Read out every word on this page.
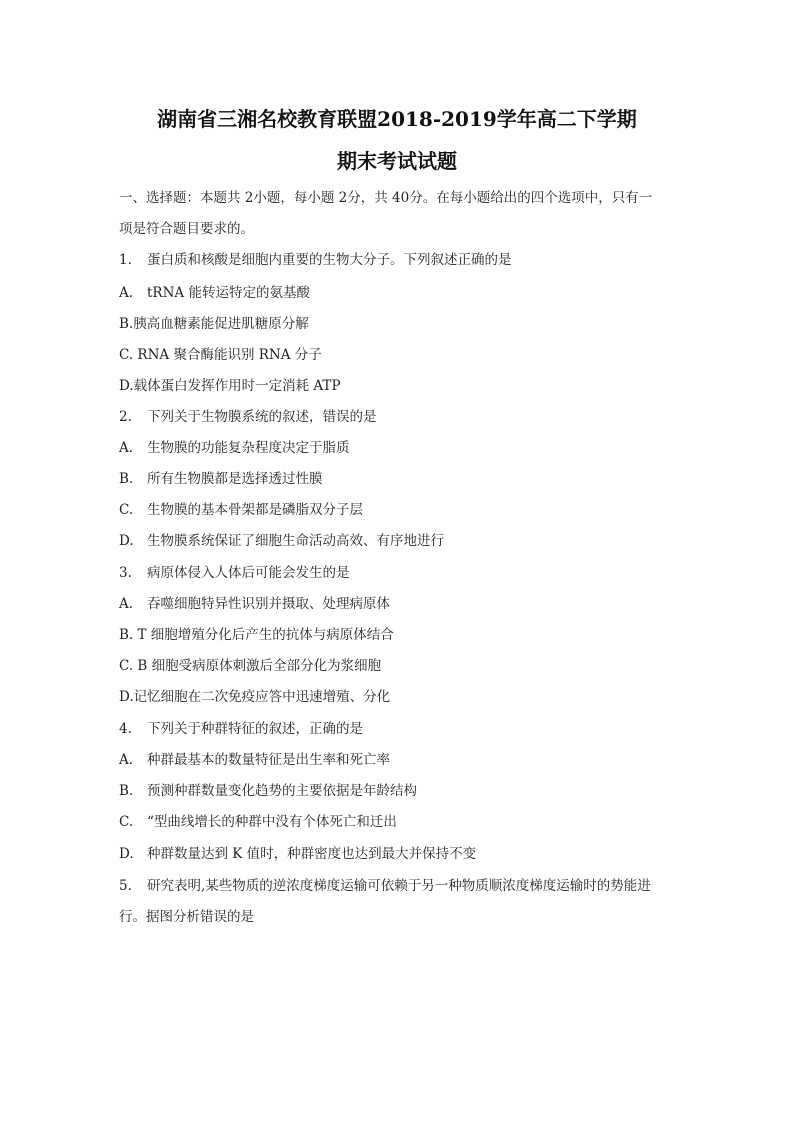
湖南省三湘名校教育联盟2018-2019学年高二下学期
期末考试试题
一、选择题：本题共 2小题，每小题 2分，共 40分。在每小题给出的四个选项中，只有一
项是符合题目要求的。
1. 蛋白质和核酸是细胞内重要的生物大分子。下列叙述正确的是
A. tRNA 能转运特定的氨基酸
B.胰高血糖素能促进肌糖原分解
C. RNA 聚合酶能识别 RNA 分子
D.载体蛋白发挥作用时一定消耗 ATP
2. 下列关于生物膜系统的叙述，错误的是
A. 生物膜的功能复杂程度决定于脂质
B. 所有生物膜都是选择透过性膜
C. 生物膜的基本骨架都是磷脂双分子层
D. 生物膜系统保证了细胞生命活动高效、有序地进行
3. 病原体侵入人体后可能会发生的是
A. 吞噬细胞特异性识别并摄取、处理病原体
B. T 细胞增殖分化后产生的抗体与病原体结合
C. B 细胞受病原体刺激后全部分化为浆细胞
D.记忆细胞在二次免疫应答中迅速增殖、分化
4. 下列关于种群特征的叙述，正确的是
A. 种群最基本的数量特征是出生率和死亡率
B. 预测种群数量变化趋势的主要依据是年龄结构
C. “型曲线增长的种群中没有个体死亡和迁出
D. 种群数量达到 K 值时，种群密度也达到最大并保持不变
5. 研究表明,某些物质的逆浓度梯度运输可依赖于另一种物质顺浓度梯度运输时的势能进
行。据图分析错误的是
